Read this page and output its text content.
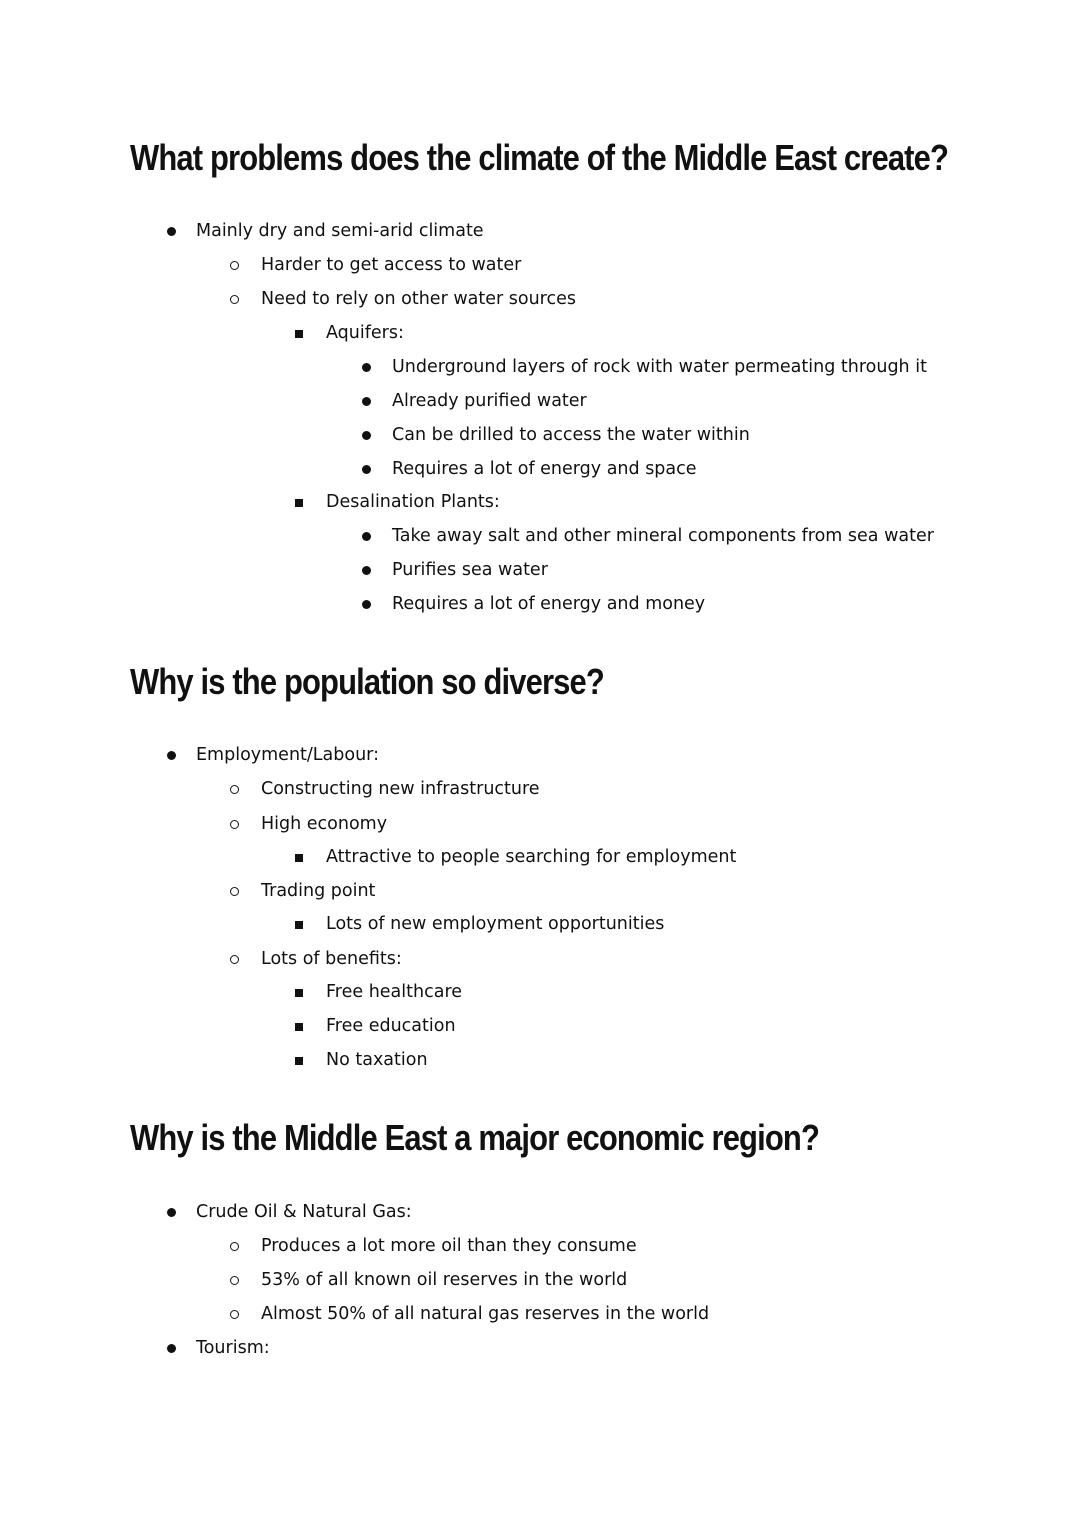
What problems does the climate of the Middle East create?
Mainly dry and semi-arid climate
Harder to get access to water
Need to rely on other water sources
Aquifers:
Underground layers of rock with water permeating through it
Already purified water
Can be drilled to access the water within
Requires a lot of energy and space
Desalination Plants:
Take away salt and other mineral components from sea water
Purifies sea water
Requires a lot of energy and money
Why is the population so diverse?
Employment/Labour:
Constructing new infrastructure
High economy
Attractive to people searching for employment
Trading point
Lots of new employment opportunities
Lots of benefits:
Free healthcare
Free education
No taxation
Why is the Middle East a major economic region?
Crude Oil & Natural Gas:
Produces a lot more oil than they consume
53% of all known oil reserves in the world
Almost 50% of all natural gas reserves in the world
Tourism:
